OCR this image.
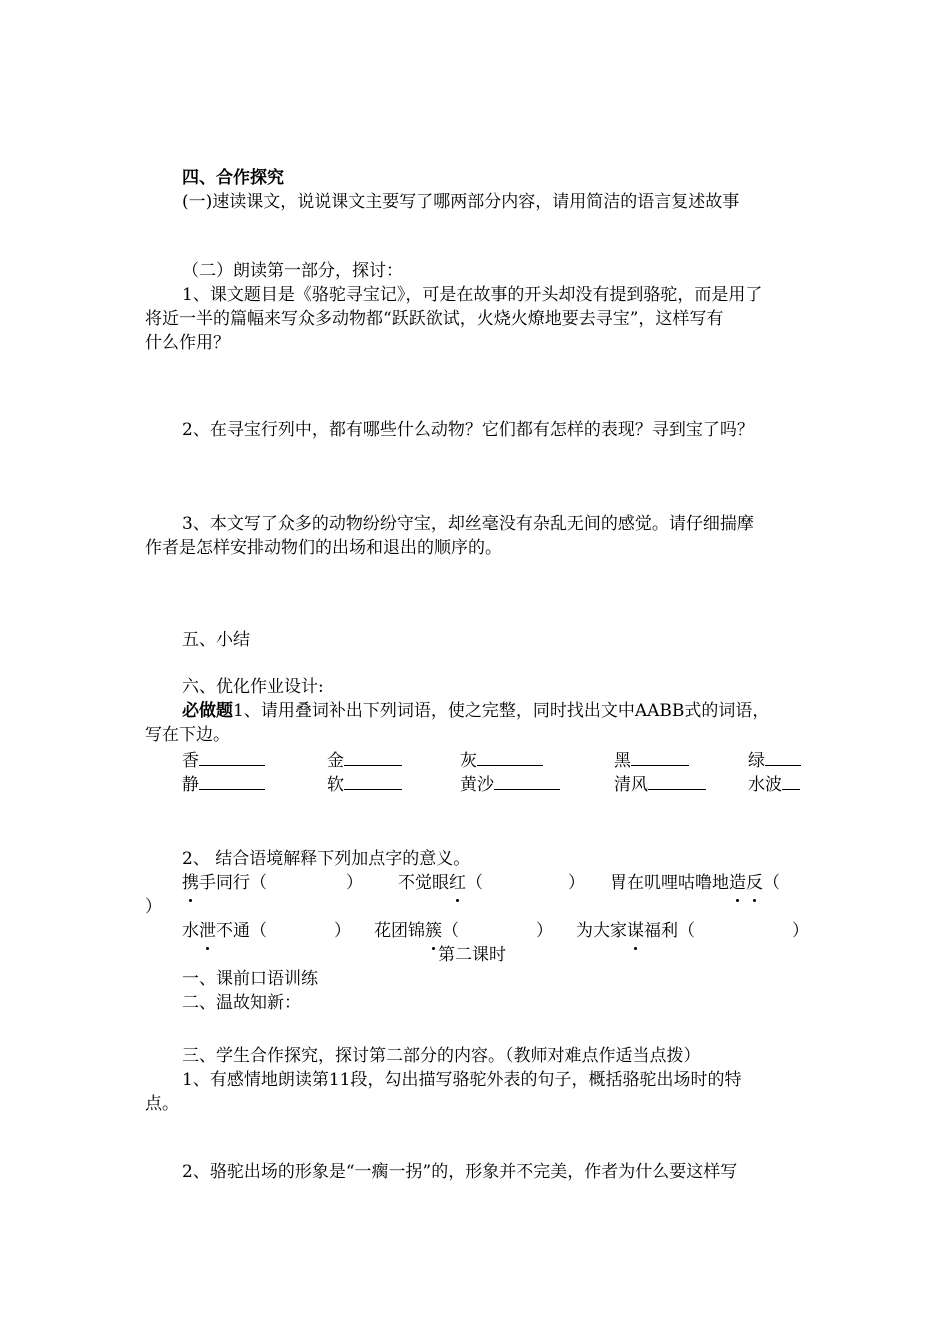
四、合作探究
(一)速读课文，说说课文主要写了哪两部分内容，请用简洁的语言复述故事
（二）朗读第一部分，探讨：
1、课文题目是《骆驼寻宝记》，可是在故事的开头却没有提到骆驼，而是用了
将近一半的篇幅来写众多动物都“跃跃欲试，火烧火燎地要去寻宝”，这样写有
什么作用？
2、在寻宝行列中，都有哪些什么动物？它们都有怎样的表现？寻到宝了吗？
3、本文写了众多的动物纷纷守宝，却丝毫没有杂乱无间的感觉。请仔细揣摩
作者是怎样安排动物们的出场和退出的顺序的。
五、小结
六、优化作业设计:
必做题1、请用叠词补出下列词语，使之完整，同时找出文中AABB式的词语，
写在下边。
香	金	灰	黑	绿
静	软	黄沙	清风	水波
2、 结合语境解释下列加点字的意义。
携手同行（	） 不觉眼红（	） 胃在叽哩咕噜地造反（
）
水泄不通（	） 花团锦簇（	） 为大家谋福利（	）
第二课时
一、课前口语训练
二、温故知新：
三、学生合作探究，探讨第二部分的内容。（教师对难点作适当点拨）
1、有感情地朗读第11段，勾出描写骆驼外表的句子，概括骆驼出场时的特
点。
2、骆驼出场的形象是“一瘸一拐”的，形象并不完美，作者为什么要这样写
